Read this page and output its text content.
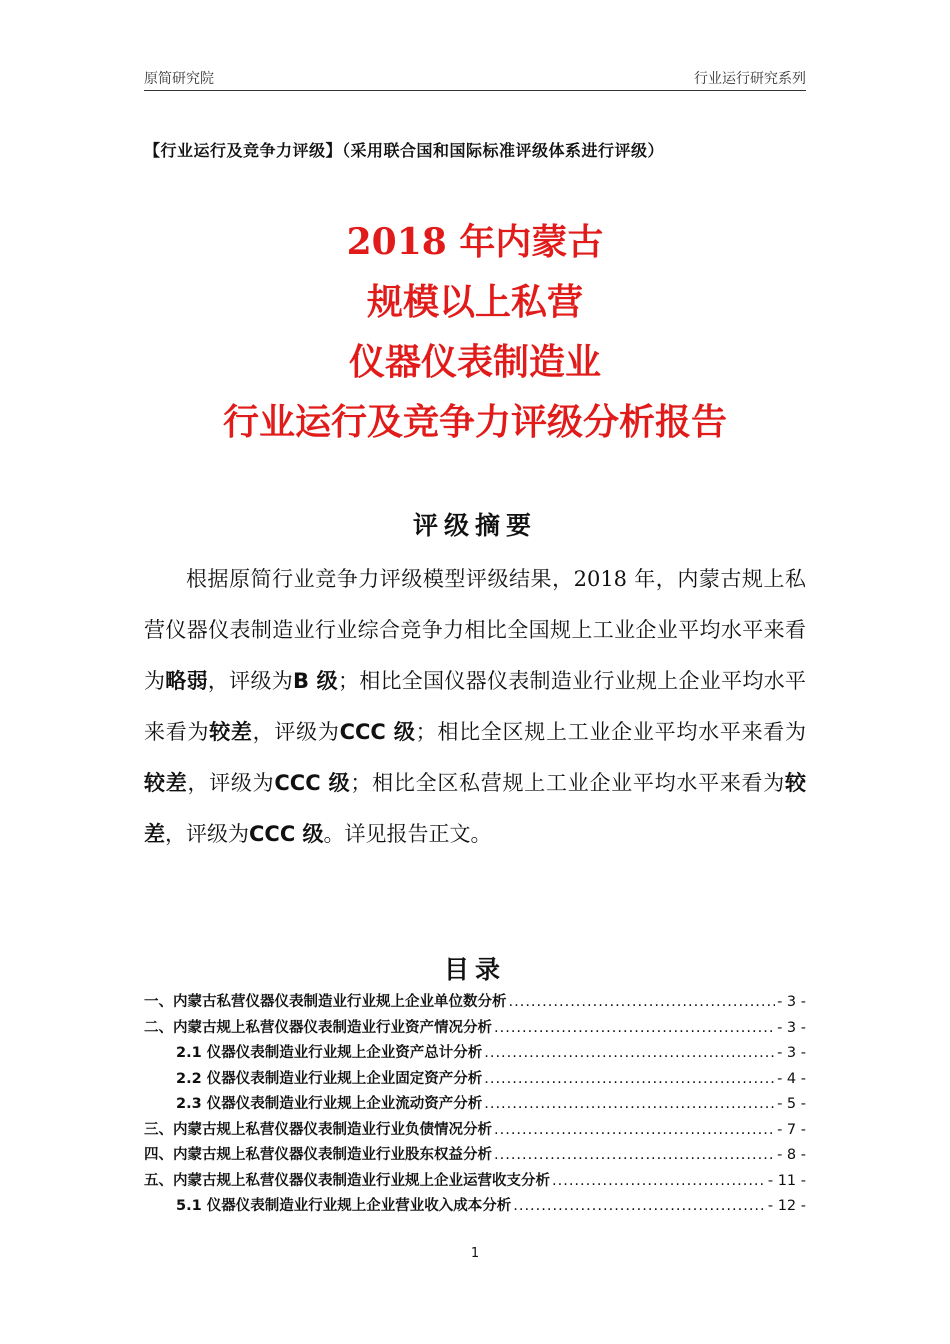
原简研究院	行业运行研究系列
【行业运行及竞争力评级】（采用联合国和国际标准评级体系进行评级）
2018 年内蒙古
规模以上私营
仪器仪表制造业
行业运行及竞争力评级分析报告
评级摘要

根据原简行业竞争力评级模型评级结果，2018 年，内蒙古规上私营仪器仪表制造业行业综合竞争力相比全国规上工业企业平均水平来看为略弱，评级为B 级；相比全国仪器仪表制造业行业规上企业平均水平来看为较差，评级为CCC 级；相比全区规上工业企业平均水平来看为较差，评级为CCC 级；相比全区私营规上工业企业平均水平来看为较差，评级为CCC 级。详见报告正文。

目录
一、内蒙古私营仪器仪表制造业行业规上企业单位数分析 .....	- 3 -
二、内蒙古规上私营仪器仪表制造业行业资产情况分析 .....	- 3 -
2.1 仪器仪表制造业行业规上企业资产总计分析 .....	- 3 -
2.2 仪器仪表制造业行业规上企业固定资产分析 .....	- 4 -
2.3 仪器仪表制造业行业规上企业流动资产分析 .....	- 5 -
三、内蒙古规上私营仪器仪表制造业行业负债情况分析 .....	- 7 -
四、内蒙古规上私营仪器仪表制造业行业股东权益分析 .....	- 8 -
五、内蒙古规上私营仪器仪表制造业行业规上企业运营收支分析 .....	- 11 -
5.1 仪器仪表制造业行业规上企业营业收入成本分析 .....	- 12 -
1
